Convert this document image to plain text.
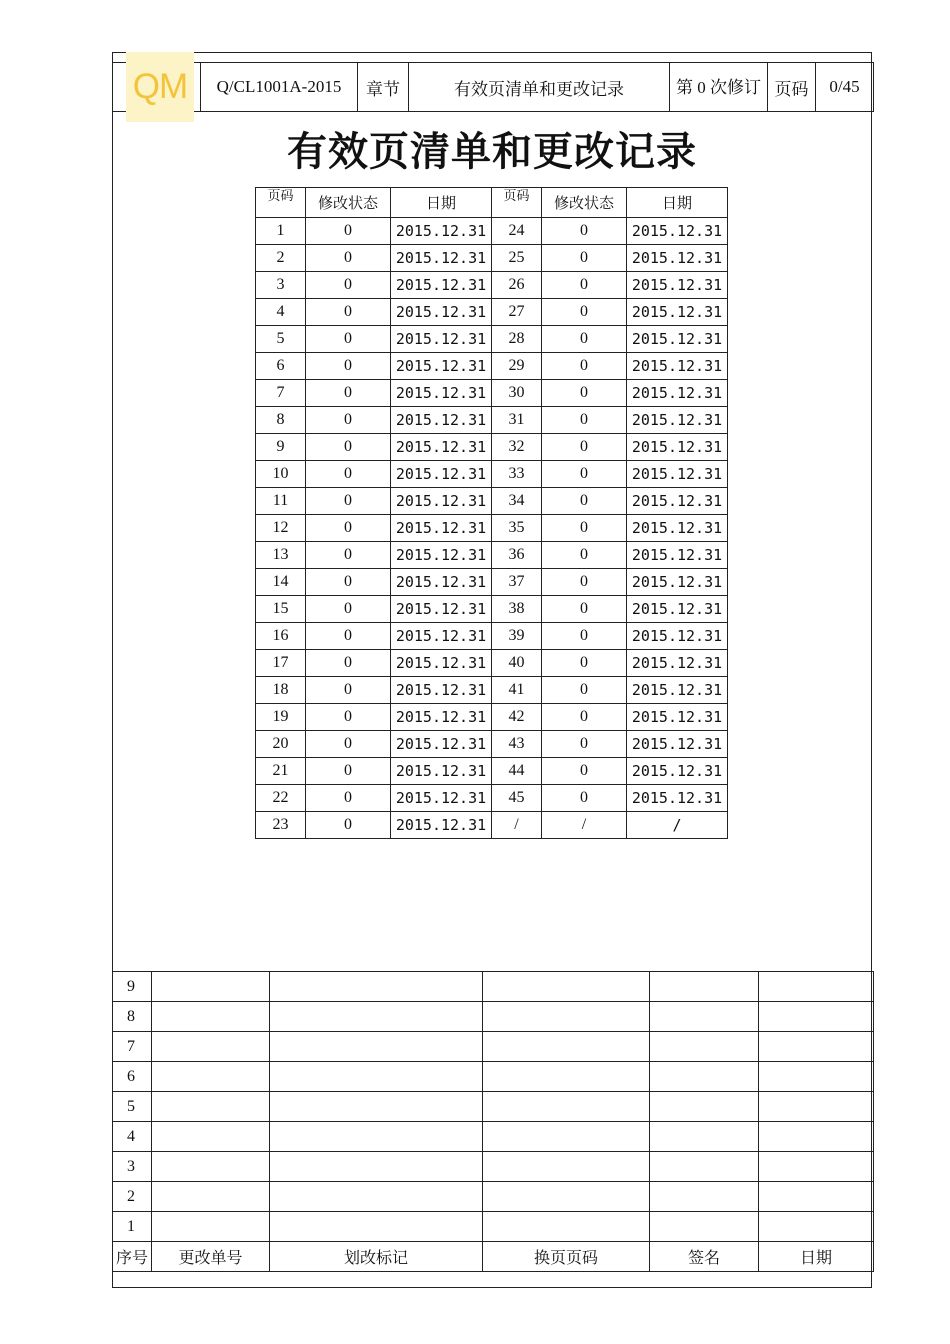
QM	Q/CL1001A-2015	章节	有效页清单和更改记录	第 0 次修订	页码	0/45
有效页清单和更改记录
页码	修改状态	日期	页码	修改状态	日期
1	0	2015.12.31	24	0	2015.12.31
2	0	2015.12.31	25	0	2015.12.31
3	0	2015.12.31	26	0	2015.12.31
4	0	2015.12.31	27	0	2015.12.31
5	0	2015.12.31	28	0	2015.12.31
6	0	2015.12.31	29	0	2015.12.31
7	0	2015.12.31	30	0	2015.12.31
8	0	2015.12.31	31	0	2015.12.31
9	0	2015.12.31	32	0	2015.12.31
10	0	2015.12.31	33	0	2015.12.31
11	0	2015.12.31	34	0	2015.12.31
12	0	2015.12.31	35	0	2015.12.31
13	0	2015.12.31	36	0	2015.12.31
14	0	2015.12.31	37	0	2015.12.31
15	0	2015.12.31	38	0	2015.12.31
16	0	2015.12.31	39	0	2015.12.31
17	0	2015.12.31	40	0	2015.12.31
18	0	2015.12.31	41	0	2015.12.31
19	0	2015.12.31	42	0	2015.12.31
20	0	2015.12.31	43	0	2015.12.31
21	0	2015.12.31	44	0	2015.12.31
22	0	2015.12.31	45	0	2015.12.31
23	0	2015.12.31	/	/	/
9					
8					
7					
6					
5					
4					
3					
2					
1					
序号	更改单号	划改标记	换页页码	签名	日期
